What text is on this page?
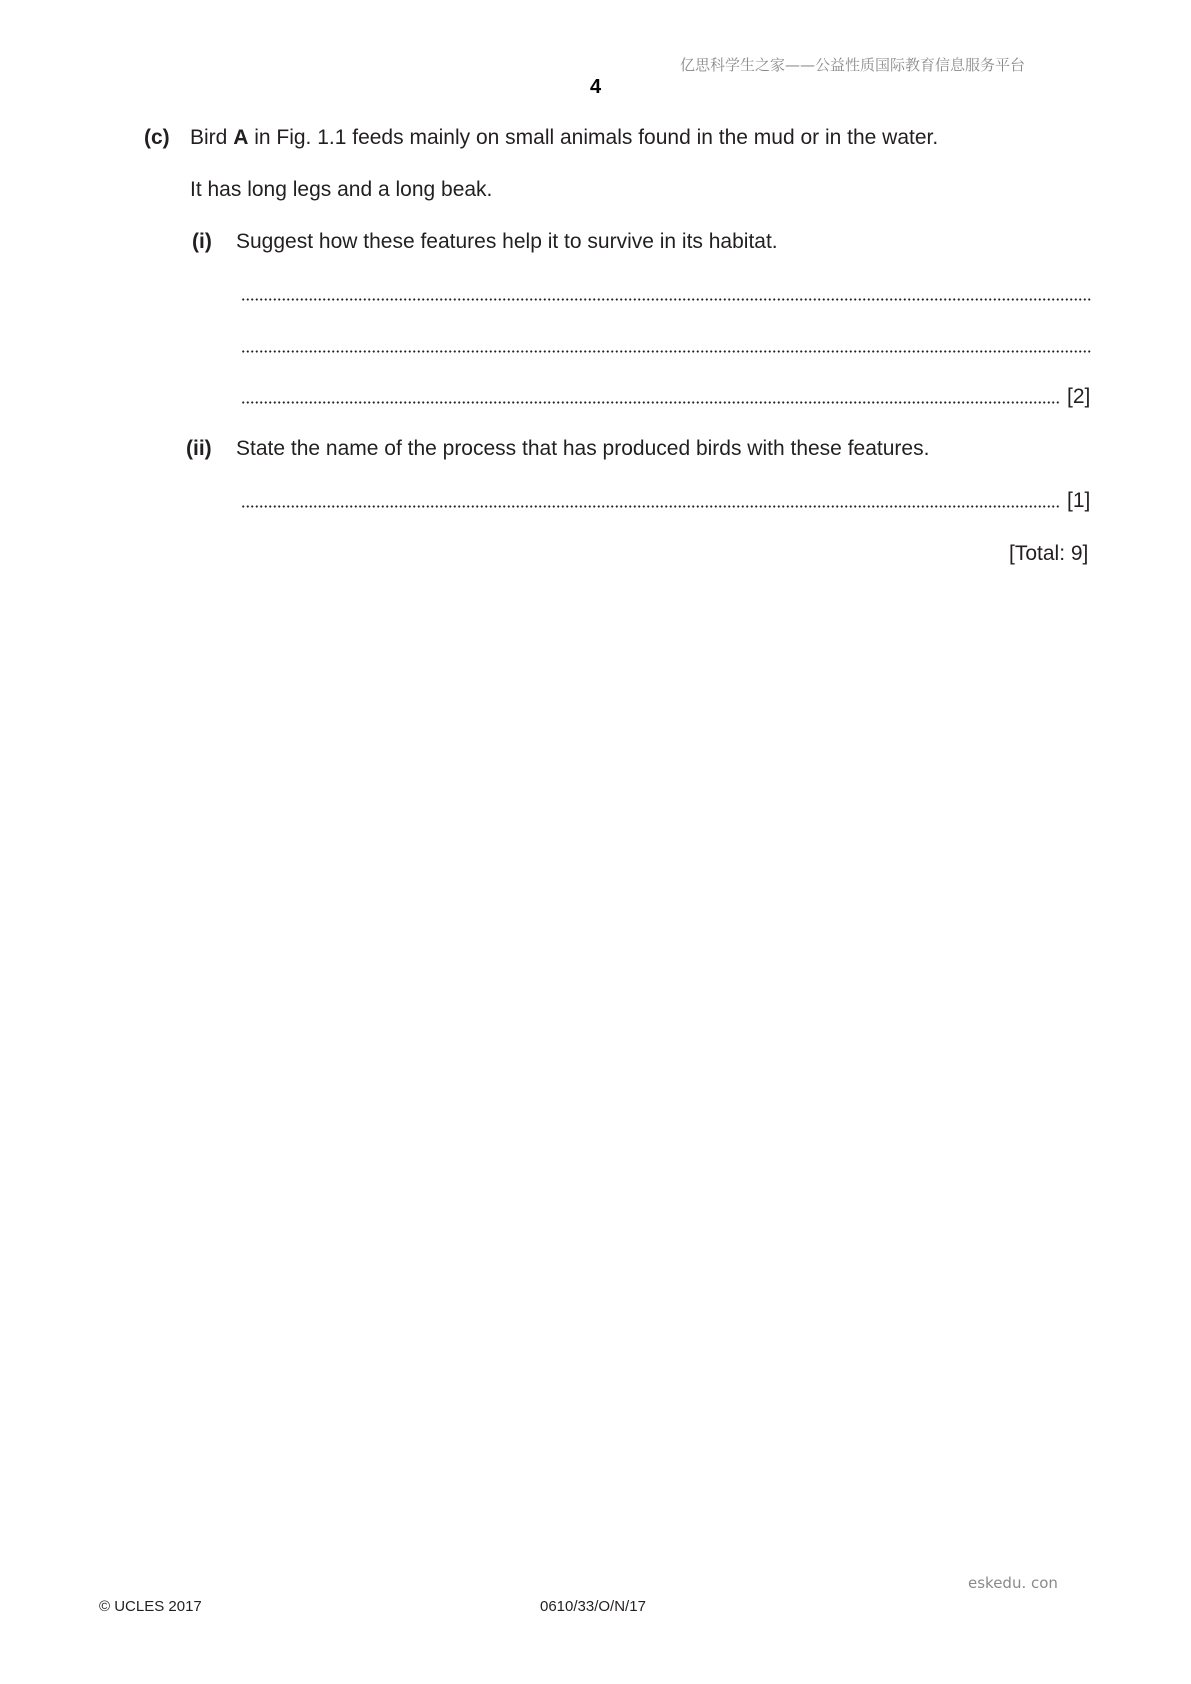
亿思科学生之家——公益性质国际教育信息服务平台
4
(c) Bird A in Fig. 1.1 feeds mainly on small animals found in the mud or in the water.
It has long legs and a long beak.
(i) Suggest how these features help it to survive in its habitat.
[2]
(ii) State the name of the process that has produced birds with these features.
[1]
[Total: 9]
eskedu. con
© UCLES 2017	0610/33/O/N/17
